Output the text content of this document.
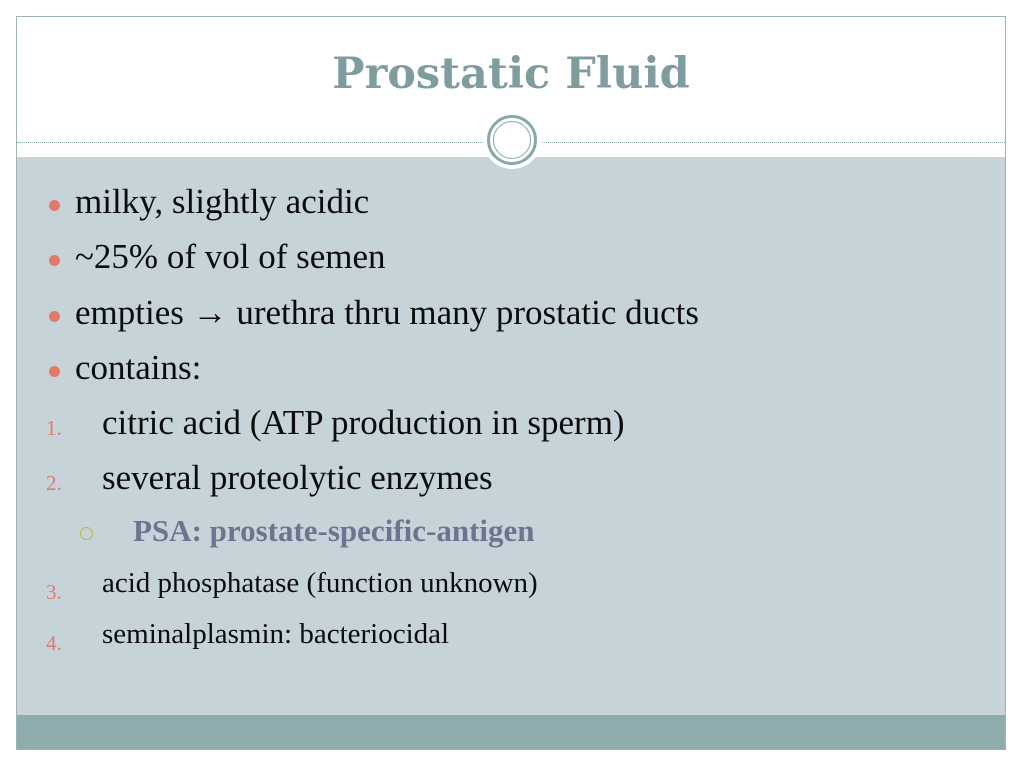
Prostatic Fluid
milky, slightly acidic
~25% of vol of semen
empties → urethra thru many prostatic ducts
contains:
1. citric acid (ATP production in sperm)
2. several proteolytic enzymes
PSA: prostate-specific-antigen
3. acid phosphatase (function unknown)
4. seminalplasmin: bacteriocidal
